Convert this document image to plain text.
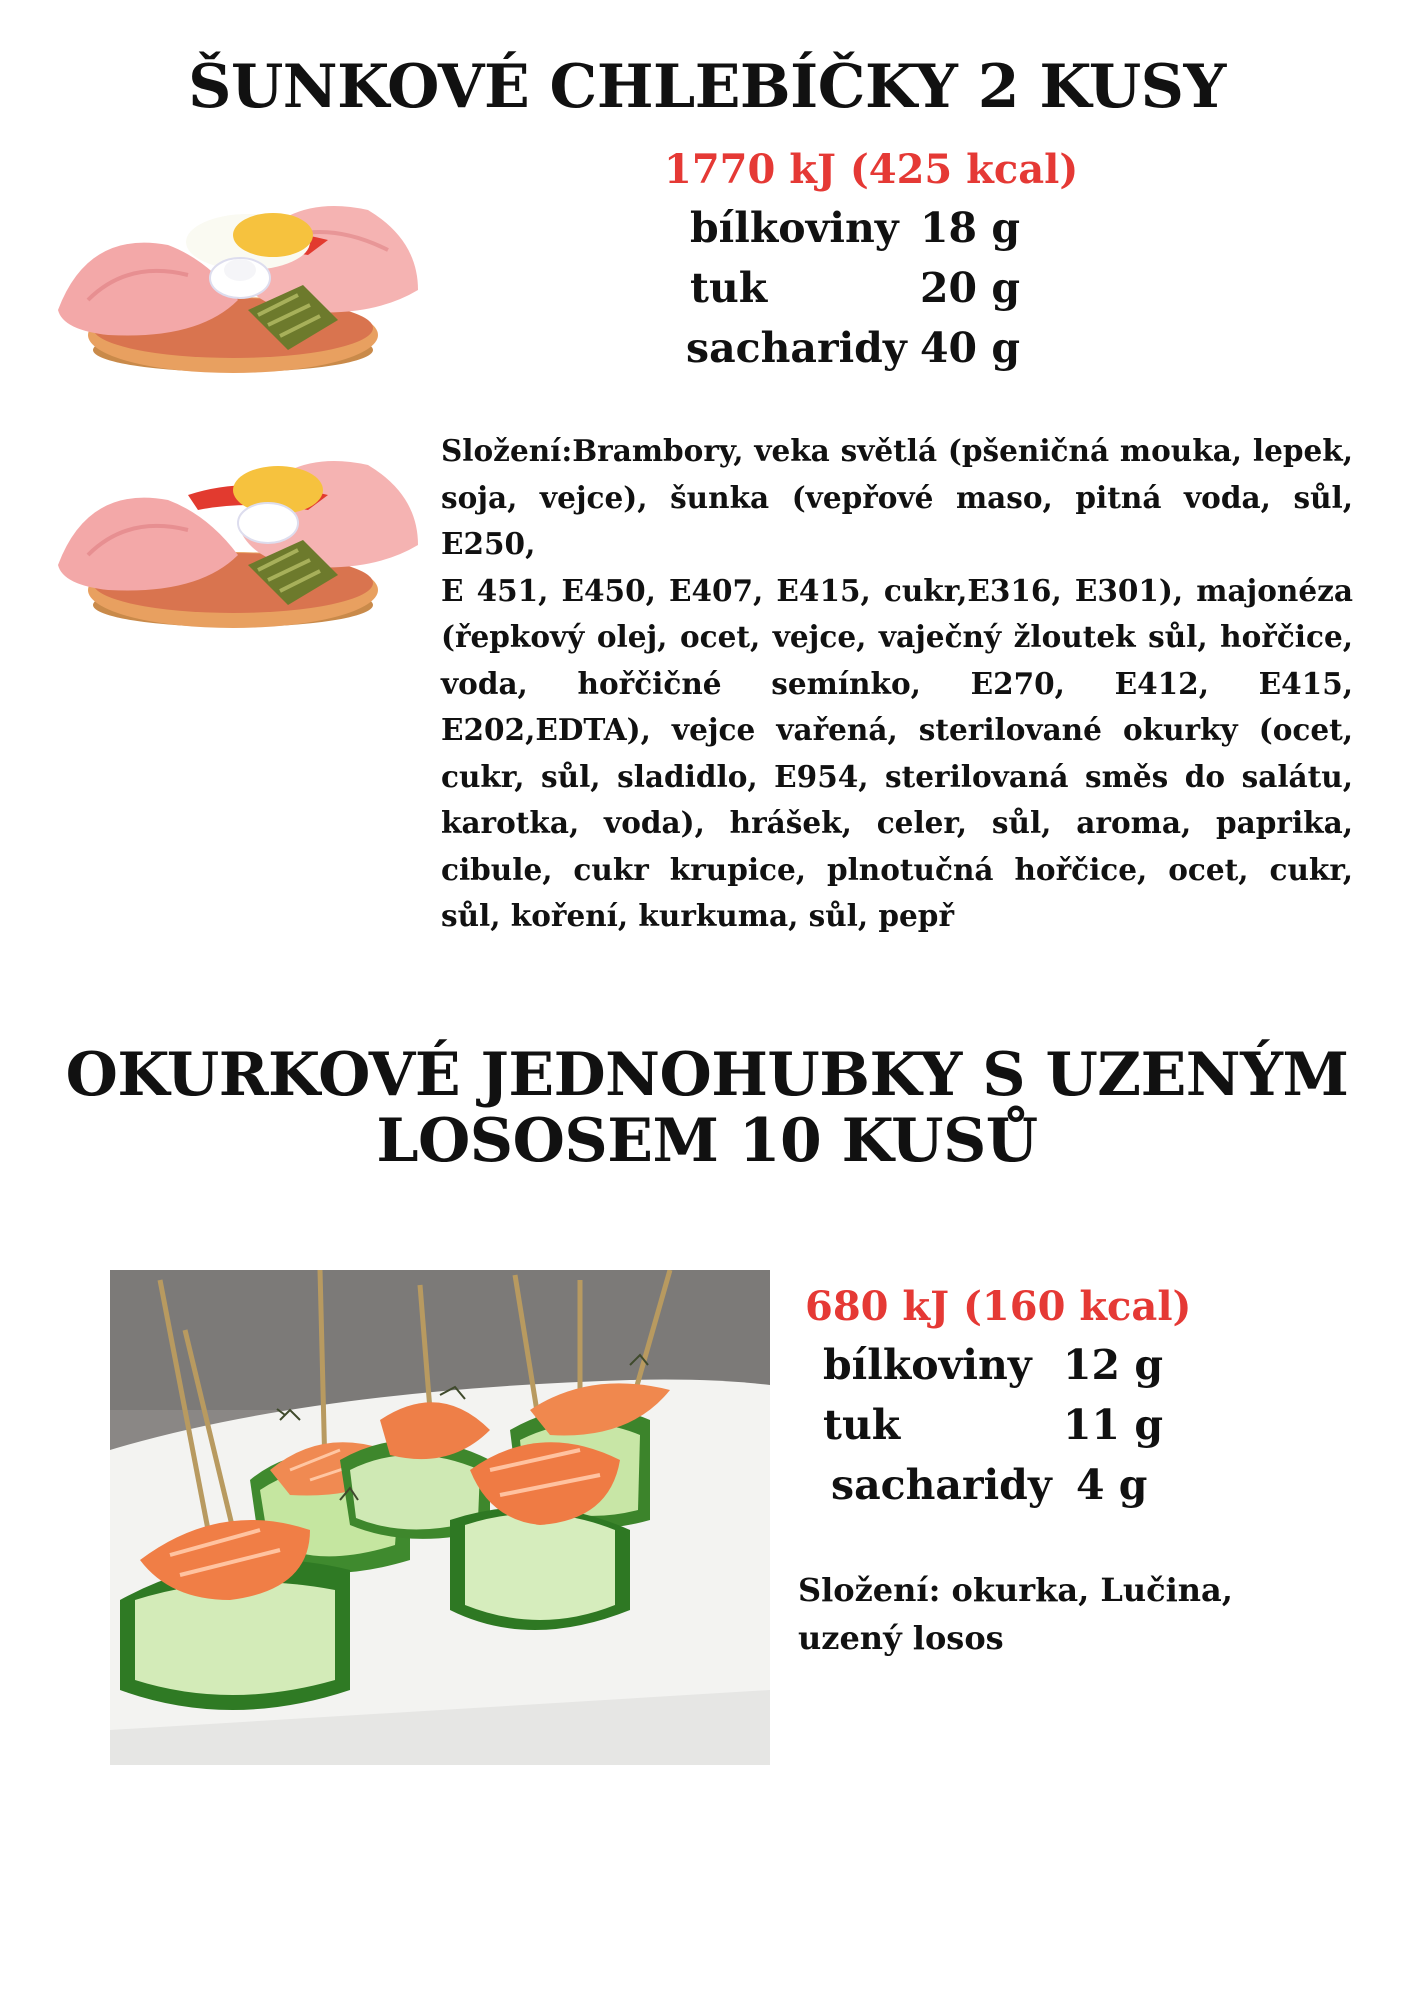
ŠUNKOVÉ CHLEBÍČKY 2 KUSY
1770 kJ (425 kcal)
bílkoviny 18 g
tuk	20 g
sacharidy 40 g

Složení:Brambory, veka světlá (pšeničná mouka, lepek, soja, vejce), šunka (vepřové maso, pitná voda, sůl, E250,

E 451, E450, E407, E415, cukr,E316, E301), majonéza (řepkový olej, ocet, vejce, vaječný žloutek sůl, hořčice, voda, hořčičné semínko, E270, E412, E415, E202,EDTA), vejce vařená, sterilované okurky (ocet, cukr, sůl, sladidlo, E954, sterilovaná směs do salátu, karotka, voda), hrášek, celer, sůl, aroma, paprika, cibule, cukr krupice, plnotučná hořčice, ocet, cukr, sůl, koření, kurkuma, sůl, pepř

OKURKOVÉ JEDNOHUBKY S UZENÝM
LOSOSEM 10 KUSŮ
680 kJ (160 kcal)
bílkoviny 12 g
tuk	11 g
sacharidy 4 g
Složení: okurka, Lučina,
uzený losos
